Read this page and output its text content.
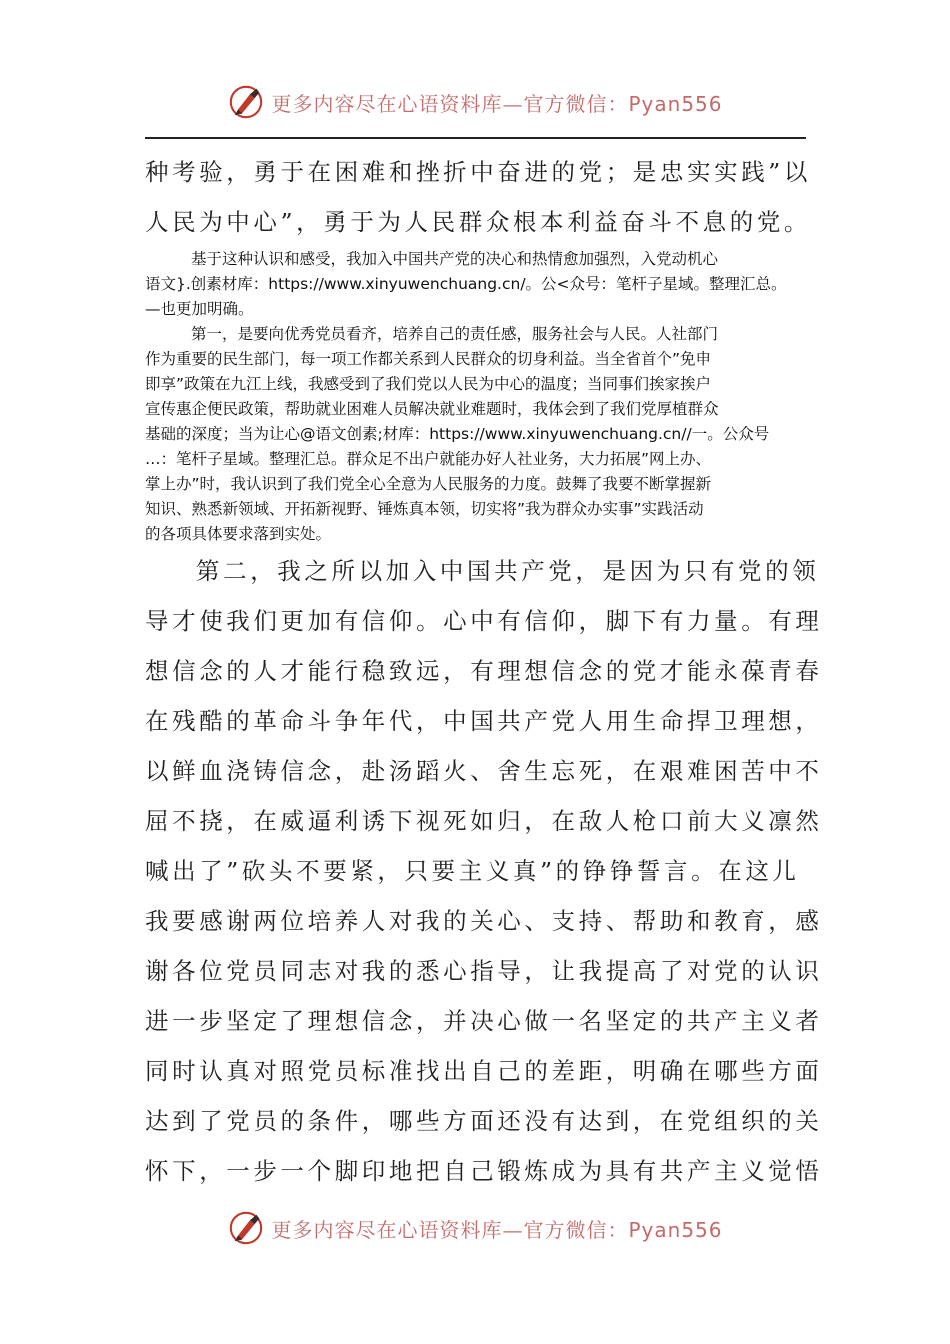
更多内容尽在心语资料库—官方微信：Pyan556
种考验，勇于在困难和挫折中奋进的党；是忠实实践”以
人民为中心”，勇于为人民群众根本利益奋斗不息的党。
基于这种认识和感受，我加入中国共产党的决心和热情愈加强烈，入党动机心
语文}.创素材库：https://www.xinyuwenchuang.cn/。公<众号：笔杆子星域。整理汇总。
—也更加明确。
第一，是要向优秀党员看齐，培养自己的责任感，服务社会与人民。人社部门
作为重要的民生部门，每一项工作都关系到人民群众的切身利益。当全省首个”免申
即享”政策在九江上线，我感受到了我们党以人民为中心的温度；当同事们挨家挨户
宣传惠企便民政策，帮助就业困难人员解决就业难题时，我体会到了我们党厚植群众
基础的深度；当为让心@语文创素;材库：https://www.xinyuwenchuang.cn//一。公众号
…：笔杆子星域。整理汇总。群众足不出户就能办好人社业务，大力拓展”网上办、
掌上办”时，我认识到了我们党全心全意为人民服务的力度。鼓舞了我要不断掌握新
知识、熟悉新领域、开拓新视野、锤炼真本领，切实将”我为群众办实事”实践活动
的各项具体要求落到实处。
第二，我之所以加入中国共产党，是因为只有党的领
导才使我们更加有信仰。心中有信仰，脚下有力量。有理
想信念的人才能行稳致远，有理想信念的党才能永葆青春
在残酷的革命斗争年代，中国共产党人用生命捍卫理想，
以鲜血浇铸信念，赴汤蹈火、舍生忘死，在艰难困苦中不
屈不挠，在威逼利诱下视死如归，在敌人枪口前大义凛然
喊出了”砍头不要紧，只要主义真”的铮铮誓言。在这儿
我要感谢两位培养人对我的关心、支持、帮助和教育，感
谢各位党员同志对我的悉心指导，让我提高了对党的认识
进一步坚定了理想信念，并决心做一名坚定的共产主义者
同时认真对照党员标准找出自己的差距，明确在哪些方面
达到了党员的条件，哪些方面还没有达到，在党组织的关
怀下，一步一个脚印地把自己锻炼成为具有共产主义觉悟
更多内容尽在心语资料库—官方微信：Pyan556
